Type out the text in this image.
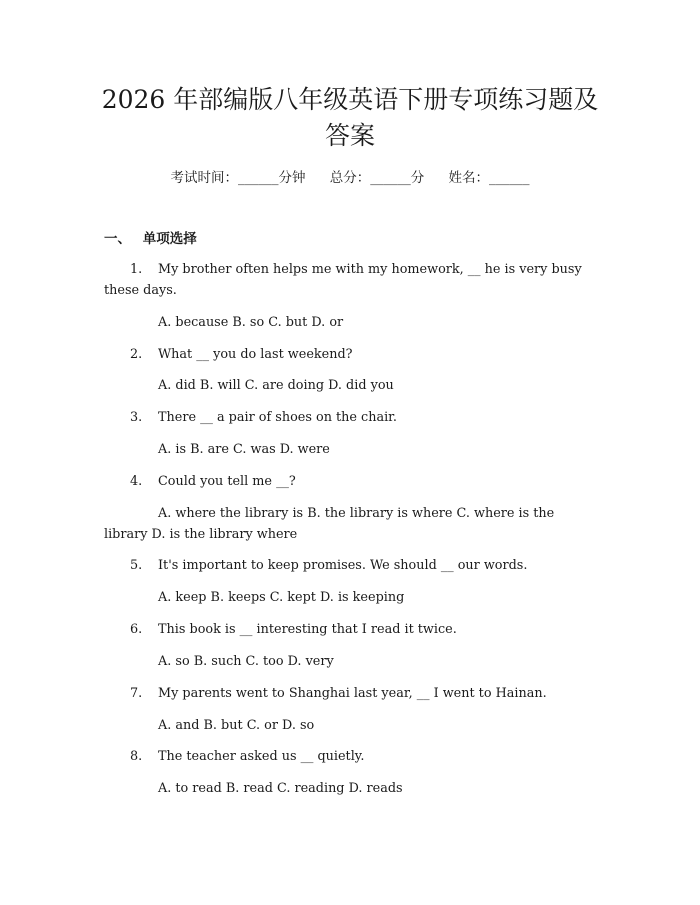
2026 年部编版八年级英语下册专项练习题及
答案
考试时间：______分钟 总分：______分 姓名：______
一、 单项选择
1. My brother often helps me with my homework, __ he is very busy these days.
A. because B. so C. but D. or
2. What __ you do last weekend?
A. did B. will C. are doing D. did you
3. There __ a pair of shoes on the chair.
A. is B. are C. was D. were
4. Could you tell me __?
A. where the library is B. the library is where C. where is the library D. is the library where
5. It's important to keep promises. We should __ our words.
A. keep B. keeps C. kept D. is keeping
6. This book is __ interesting that I read it twice.
A. so B. such C. too D. very
7. My parents went to Shanghai last year, __ I went to Hainan.
A. and B. but C. or D. so
8. The teacher asked us __ quietly.
A. to read B. read C. reading D. reads
